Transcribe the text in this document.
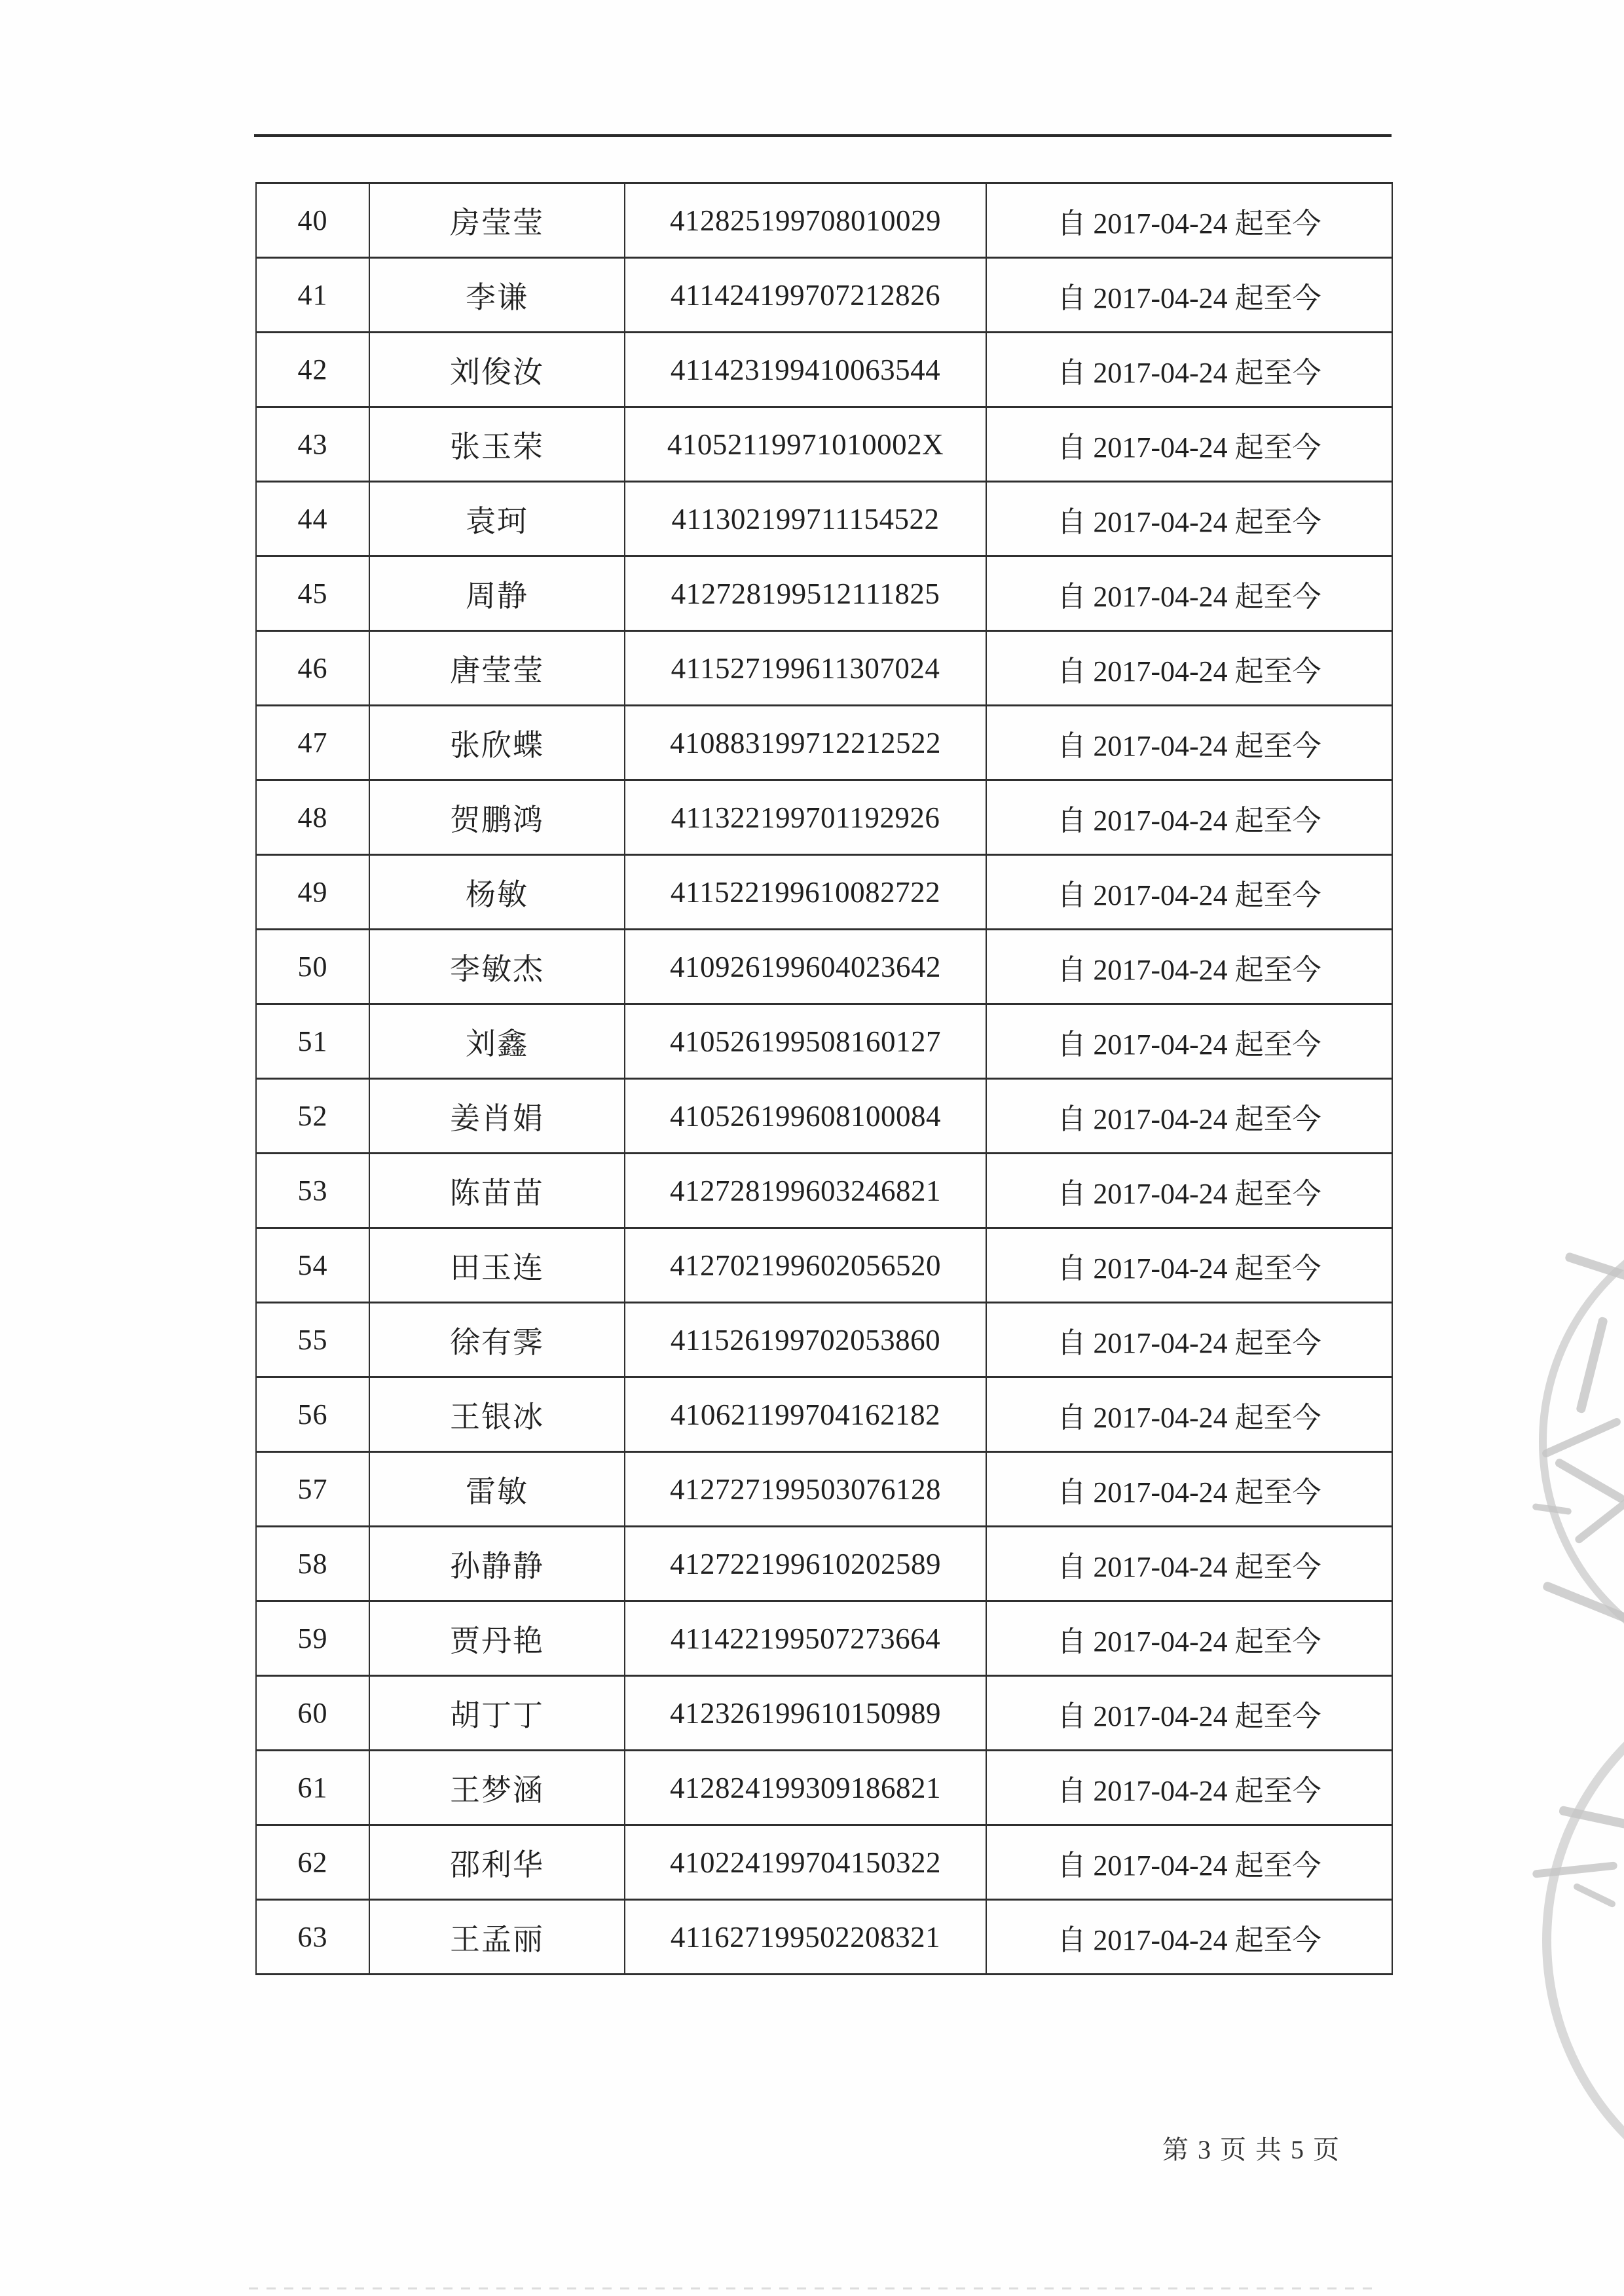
40	房莹莹	412825199708010029	自 2017-04-24 起至今
41	李谦	411424199707212826	自 2017-04-24 起至今
42	刘俊汝	411423199410063544	自 2017-04-24 起至今
43	张玉荣	41052119971010002X	自 2017-04-24 起至今
44	袁珂	411302199711154522	自 2017-04-24 起至今
45	周静	412728199512111825	自 2017-04-24 起至今
46	唐莹莹	411527199611307024	自 2017-04-24 起至今
47	张欣蝶	410883199712212522	自 2017-04-24 起至今
48	贺鹏鸿	411322199701192926	自 2017-04-24 起至今
49	杨敏	411522199610082722	自 2017-04-24 起至今
50	李敏杰	410926199604023642	自 2017-04-24 起至今
51	刘鑫	410526199508160127	自 2017-04-24 起至今
52	姜肖娟	410526199608100084	自 2017-04-24 起至今
53	陈苗苗	412728199603246821	自 2017-04-24 起至今
54	田玉连	412702199602056520	自 2017-04-24 起至今
55	徐有霁	411526199702053860	自 2017-04-24 起至今
56	王银冰	410621199704162182	自 2017-04-24 起至今
57	雷敏	412727199503076128	自 2017-04-24 起至今
58	孙静静	412722199610202589	自 2017-04-24 起至今
59	贾丹艳	411422199507273664	自 2017-04-24 起至今
60	胡丁丁	412326199610150989	自 2017-04-24 起至今
61	王梦涵	412824199309186821	自 2017-04-24 起至今
62	邵利华	410224199704150322	自 2017-04-24 起至今
63	王孟丽	411627199502208321	自 2017-04-24 起至今
第 3 页 共 5 页
